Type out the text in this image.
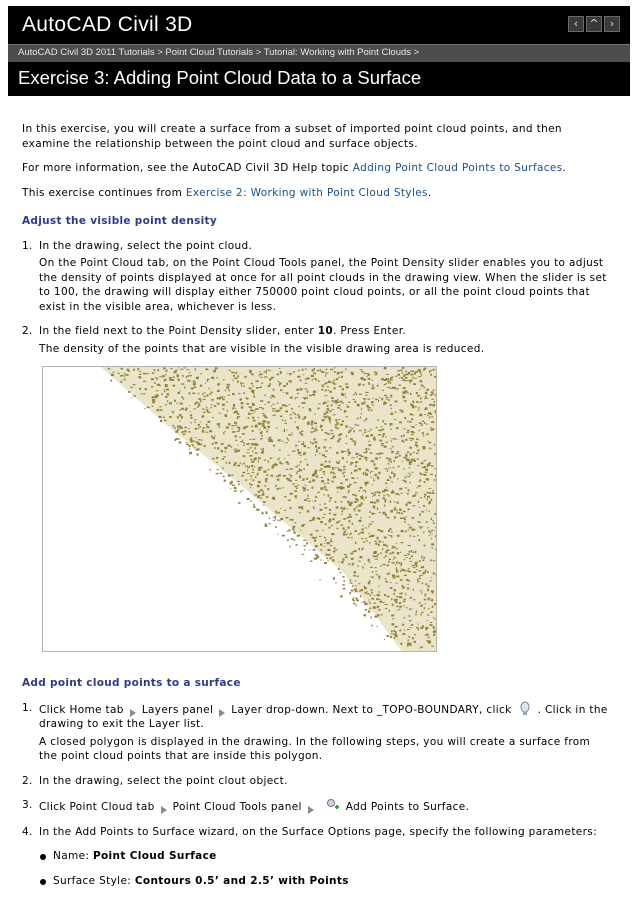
AutoCAD Civil 3D	‹	^	›
AutoCAD Civil 3D 2011 Tutorials > Point Cloud Tutorials > Tutorial: Working with Point Clouds >
Exercise 3: Adding Point Cloud Data to a Surface

In this exercise, you will create a surface from a subset of imported point cloud points, and then examine the relationship between the point cloud and surface objects.

For more information, see the AutoCAD Civil 3D Help topic Adding Point Cloud Points to Surfaces.

This exercise continues from Exercise 2: Working with Point Cloud Styles.

Adjust the visible point density
1. In the drawing, select the point cloud.
On the Point Cloud tab, on the Point Cloud Tools panel, the Point Density slider enables you to adjust the density of points displayed at once for all point clouds in the drawing view. When the slider is set to 100, the drawing will display either 750000 point cloud points, or all the point cloud points that exist in the visible area, whichever is less.
2. In the field next to the Point Density slider, enter 10. Press Enter.
The density of the points that are visible in the visible drawing area is reduced.
Add point cloud points to a surface
1. Click Home tab Layers panel Layer drop-down. Next to _TOPO-BOUNDARY, click . Click in the drawing to exit the Layer list.
A closed polygon is displayed in the drawing. In the following steps, you will create a surface from the point cloud points that are inside this polygon.
2. In the drawing, select the point clout object.
3. Click Point Cloud tab Point Cloud Tools panel	Add Points to Surface.
4. In the Add Points to Surface wizard, on the Surface Options page, specify the following parameters:
Name: Point Cloud Surface
Surface Style: Contours 0.5’ and 2.5’ with Points
